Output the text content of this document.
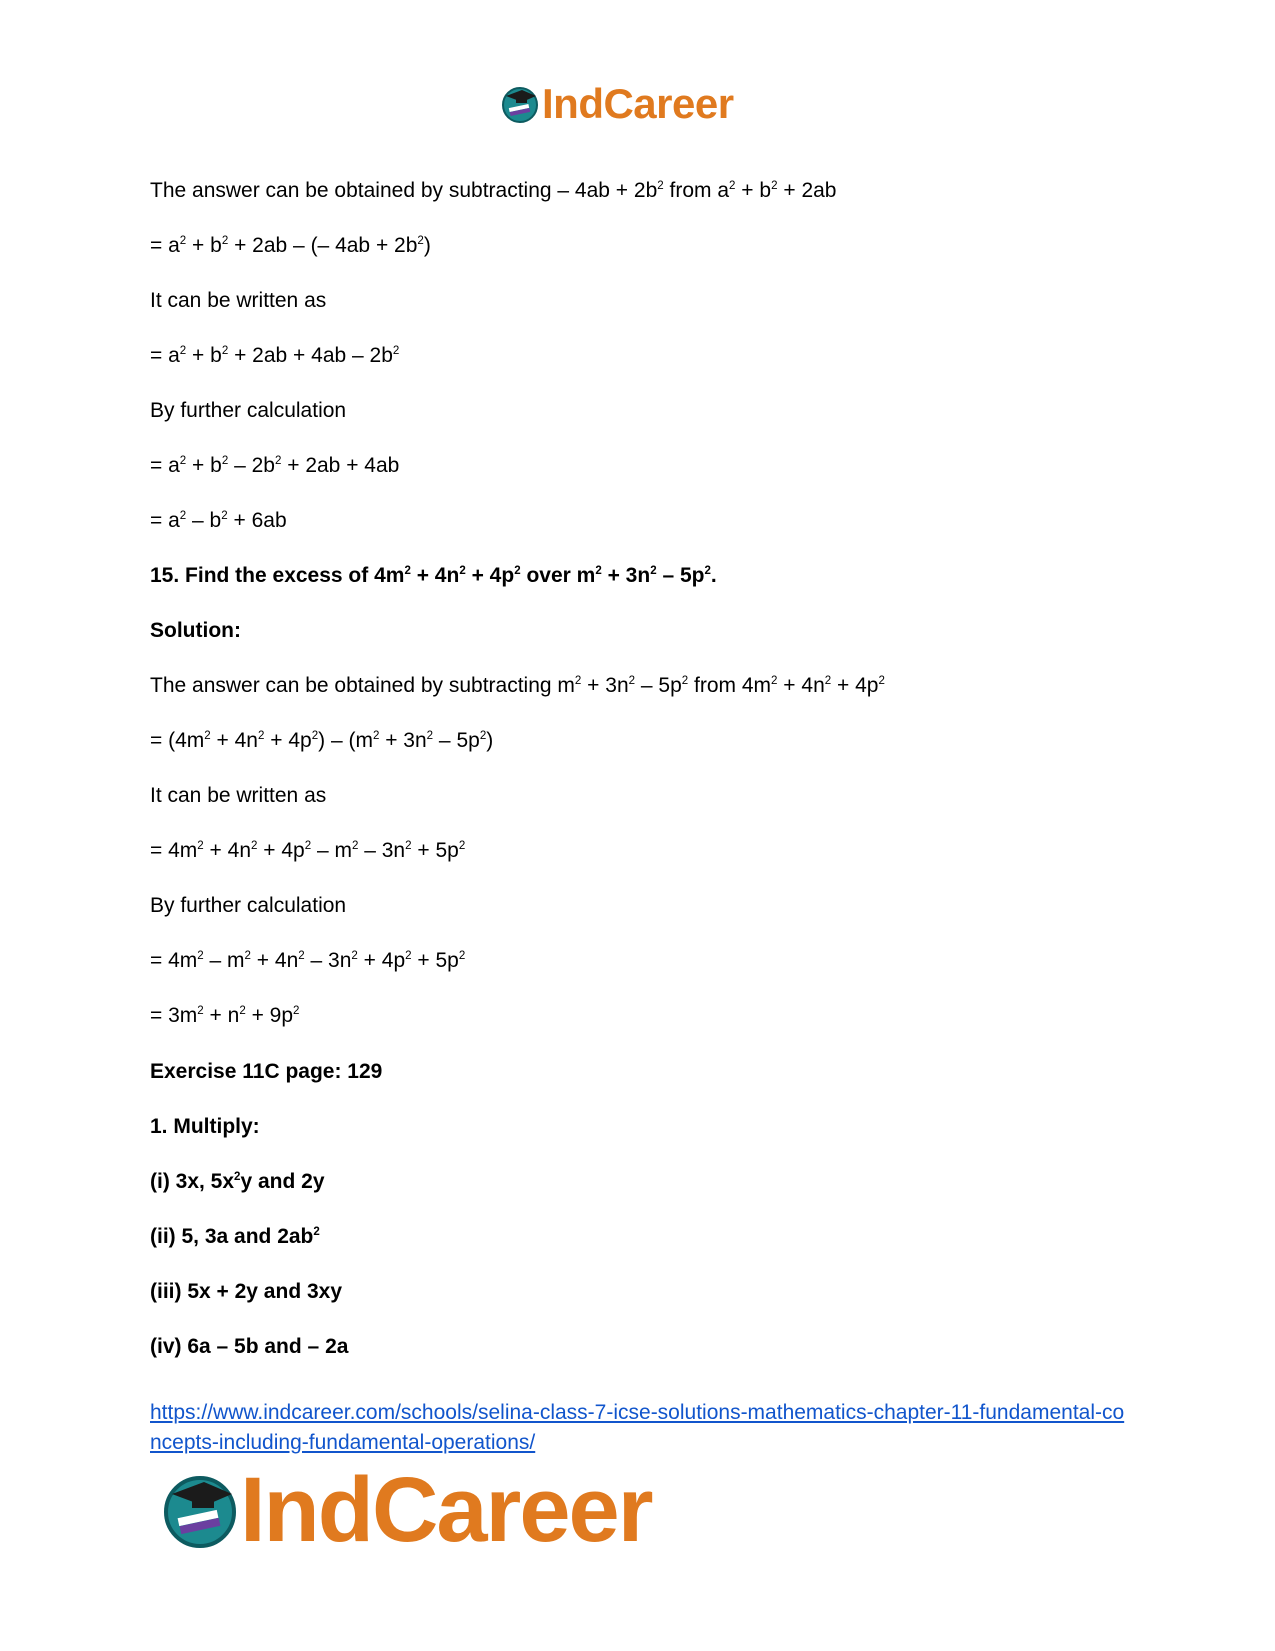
IndCareer

The answer can be obtained by subtracting – $4ab + 2b^2$ from $a^2 + b^2 + 2ab$

= $a^2 + b^2 + 2ab$ – (– $4ab + 2b^2$)

It can be written as

= $a^2 + b^2 + 2ab + 4ab - 2b^2$

By further calculation

= $a^2 + b^2 - 2b^2 + 2ab + 4ab$

= $a^2 - b^2 + 6ab$

15. Find the excess of $4m^2 + 4n^2 + 4p^2$ over $m^2 + 3n^2 - 5p^2$.

Solution:

The answer can be obtained by subtracting $m^2 + 3n^2 - 5p^2$ from $4m^2 + 4n^2 + 4p^2$

= $(4m^2 + 4n^2 + 4p^2) - (m^2 + 3n^2 - 5p^2)$

It can be written as

= $4m^2 + 4n^2 + 4p^2 - m^2 - 3n^2 + 5p^2$

By further calculation

= $4m^2 - m^2 + 4n^2 - 3n^2 + 4p^2 + 5p^2$

= $3m^2 + n^2 + 9p^2$

Exercise 11C page: 129

1. Multiply:

(i) 3x, $5x^2y$ and 2y

(ii) 5, 3a and $2ab^2$

(iii) 5x + 2y and 3xy

(iv) 6a – 5b and – 2a

https://www.indcareer.com/schools/selina-class-7-icse-solutions-mathematics-chapter-11-fundamental-concepts-including-fundamental-operations/
IndCareer
